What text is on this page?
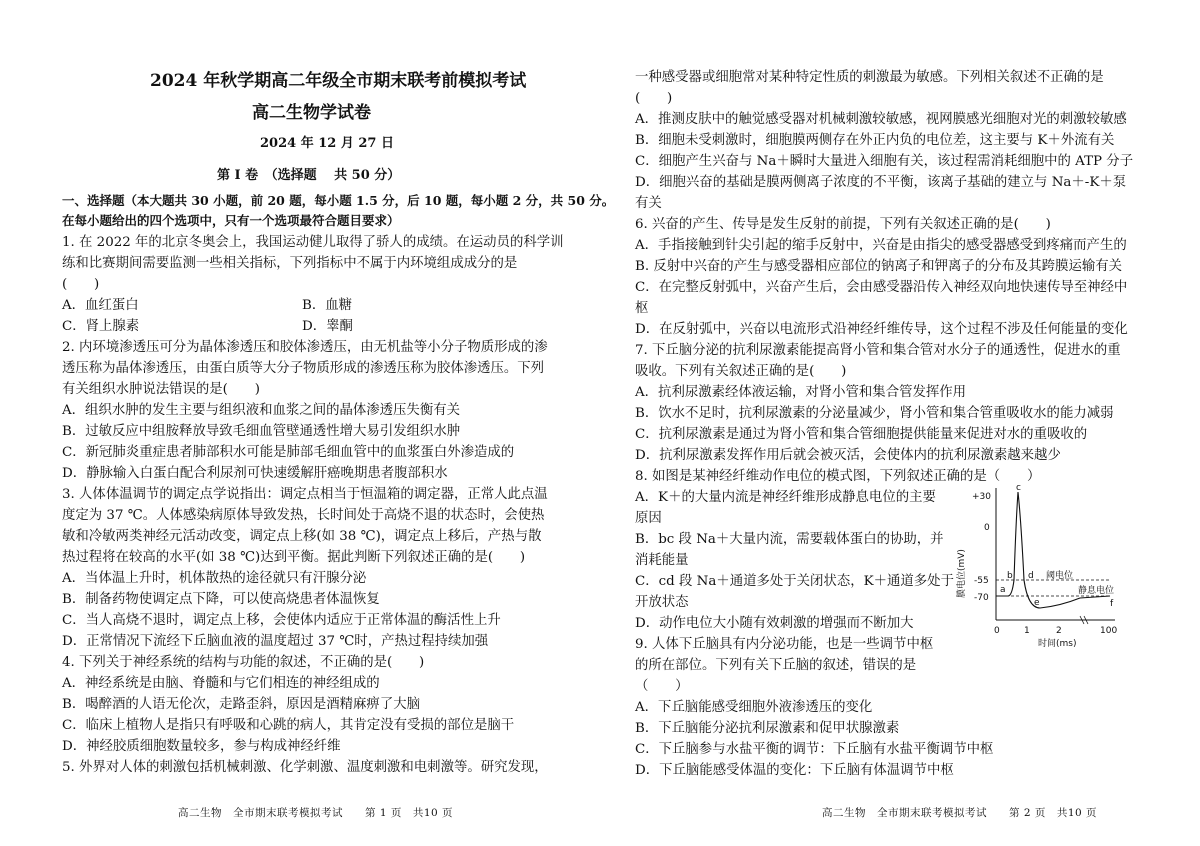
2024 年秋学期高二年级全市期末联考前模拟考试
高二生物学试卷
2024 年 12 月 27 日
第 I 卷　（选择题　 共 50 分）
一、选择题（本大题共 30 小题，前 20 题，每小题 1.5 分，后 10 题，每小题 2 分，共 50 分。
在每小题给出的四个选项中，只有一个选项最符合题目要求）
1. 在 2022 年的北京冬奥会上，我国运动健儿取得了骄人的成绩。在运动员的科学训
练和比赛期间需要监测一些相关指标，下列指标中不属于内环境组成成分的是
(　　)
A．血红蛋白	B．血糖
C．肾上腺素	D．睾酮
2. 内环境渗透压可分为晶体渗透压和胶体渗透压，由无机盐等小分子物质形成的渗
透压称为晶体渗透压，由蛋白质等大分子物质形成的渗透压称为胶体渗透压。下列
有关组织水肿说法错误的是(　　)
A．组织水肿的发生主要与组织液和血浆之间的晶体渗透压失衡有关
B．过敏反应中组胺释放导致毛细血管壁通透性增大易引发组织水肿
C．新冠肺炎重症患者肺部积水可能是肺部毛细血管中的血浆蛋白外渗造成的
D．静脉输入白蛋白配合利尿剂可快速缓解肝癌晚期患者腹部积水
3. 人体体温调节的调定点学说指出：调定点相当于恒温箱的调定器，正常人此点温
度定为 37 ℃。人体感染病原体导致发热，长时间处于高烧不退的状态时，会使热
敏和冷敏两类神经元活动改变，调定点上移(如 38 ℃)，调定点上移后，产热与散
热过程将在较高的水平(如 38 ℃)达到平衡。据此判断下列叙述正确的是(　　)
A．当体温上升时，机体散热的途径就只有汗腺分泌
B．制备药物使调定点下降，可以使高烧患者体温恢复
C．当人高烧不退时，调定点上移，会使体内适应于正常体温的酶活性上升
D．正常情况下流经下丘脑血液的温度超过 37 ℃时，产热过程持续加强
4. 下列关于神经系统的结构与功能的叙述，不正确的是(　　)
A．神经系统是由脑、脊髓和与它们相连的神经组成的
B．喝醉酒的人语无伦次，走路歪斜，原因是酒精麻痹了大脑
C．临床上植物人是指只有呼吸和心跳的病人，其肯定没有受损的部位是脑干
D．神经胶质细胞数量较多，参与构成神经纤维
5. 外界对人体的刺激包括机械刺激、化学刺激、温度刺激和电刺激等。研究发现，
高二生物　全市期末联考模拟考试　　第 1 页　共10 页
一种感受器或细胞常对某种特定性质的刺激最为敏感。下列相关叙述不正确的是
(　　)
A．推测皮肤中的触觉感受器对机械刺激较敏感，视网膜感光细胞对光的刺激较敏感
B．细胞未受刺激时，细胞膜两侧存在外正内负的电位差，这主要与 K＋外流有关
C．细胞产生兴奋与 Na＋瞬时大量进入细胞有关，该过程需消耗细胞中的 ATP 分子
D．细胞兴奋的基础是膜两侧离子浓度的不平衡，该离子基础的建立与 Na＋-K＋泵
有关
6. 兴奋的产生、传导是发生反射的前提，下列有关叙述正确的是(　　)
A．手指接触到针尖引起的缩手反射中，兴奋是由指尖的感受器感受到疼痛而产生的
B. 反射中兴奋的产生与感受器相应部位的钠离子和钾离子的分布及其跨膜运输有关
C．在完整反射弧中，兴奋产生后，会由感受器沿传入神经双向地快速传导至神经中
枢
D．在反射弧中，兴奋以电流形式沿神经纤维传导，这个过程不涉及任何能量的变化
7. 下丘脑分泌的抗利尿激素能提高肾小管和集合管对水分子的通透性，促进水的重
吸收。下列有关叙述正确的是(　　)
A．抗利尿激素经体液运输，对肾小管和集合管发挥作用
B．饮水不足时，抗利尿激素的分泌量减少，肾小管和集合管重吸收水的能力减弱
C．抗利尿激素是通过为肾小管和集合管细胞提供能量来促进对水的重吸收的
D．抗利尿激素发挥作用后就会被灭活，会使体内的抗利尿激素越来越少
8. 如图是某神经纤维动作电位的模式图，下列叙述正确的是（　　）
A．K＋的大量内流是神经纤维形成静息电位的主要
原因
B．bc 段 Na＋大量内流，需要载体蛋白的协助，并
消耗能量
C．cd 段 Na＋通道多处于关闭状态，K＋通道多处于
开放状态
D．动作电位大小随有效刺激的增强而不断加大
9. 人体下丘脑具有内分泌功能，也是一些调节中枢
的所在部位。下列有关下丘脑的叙述，错误的是
（　　）
A．下丘脑能感受细胞外液渗透压的变化
B．下丘脑能分泌抗利尿激素和促甲状腺激素
C．下丘脑参与水盐平衡的调节：下丘脑有水盐平衡调节中枢
D．下丘脑能感受体温的变化：下丘脑有体温调节中枢
高二生物　全市期末联考模拟考试　　第 2 页　共10 页
+30
0
-55
-70
膜电位(mV)
0	1	2	100
时间(ms)
阈电位
静息电位
a
b
c
d
e	f
